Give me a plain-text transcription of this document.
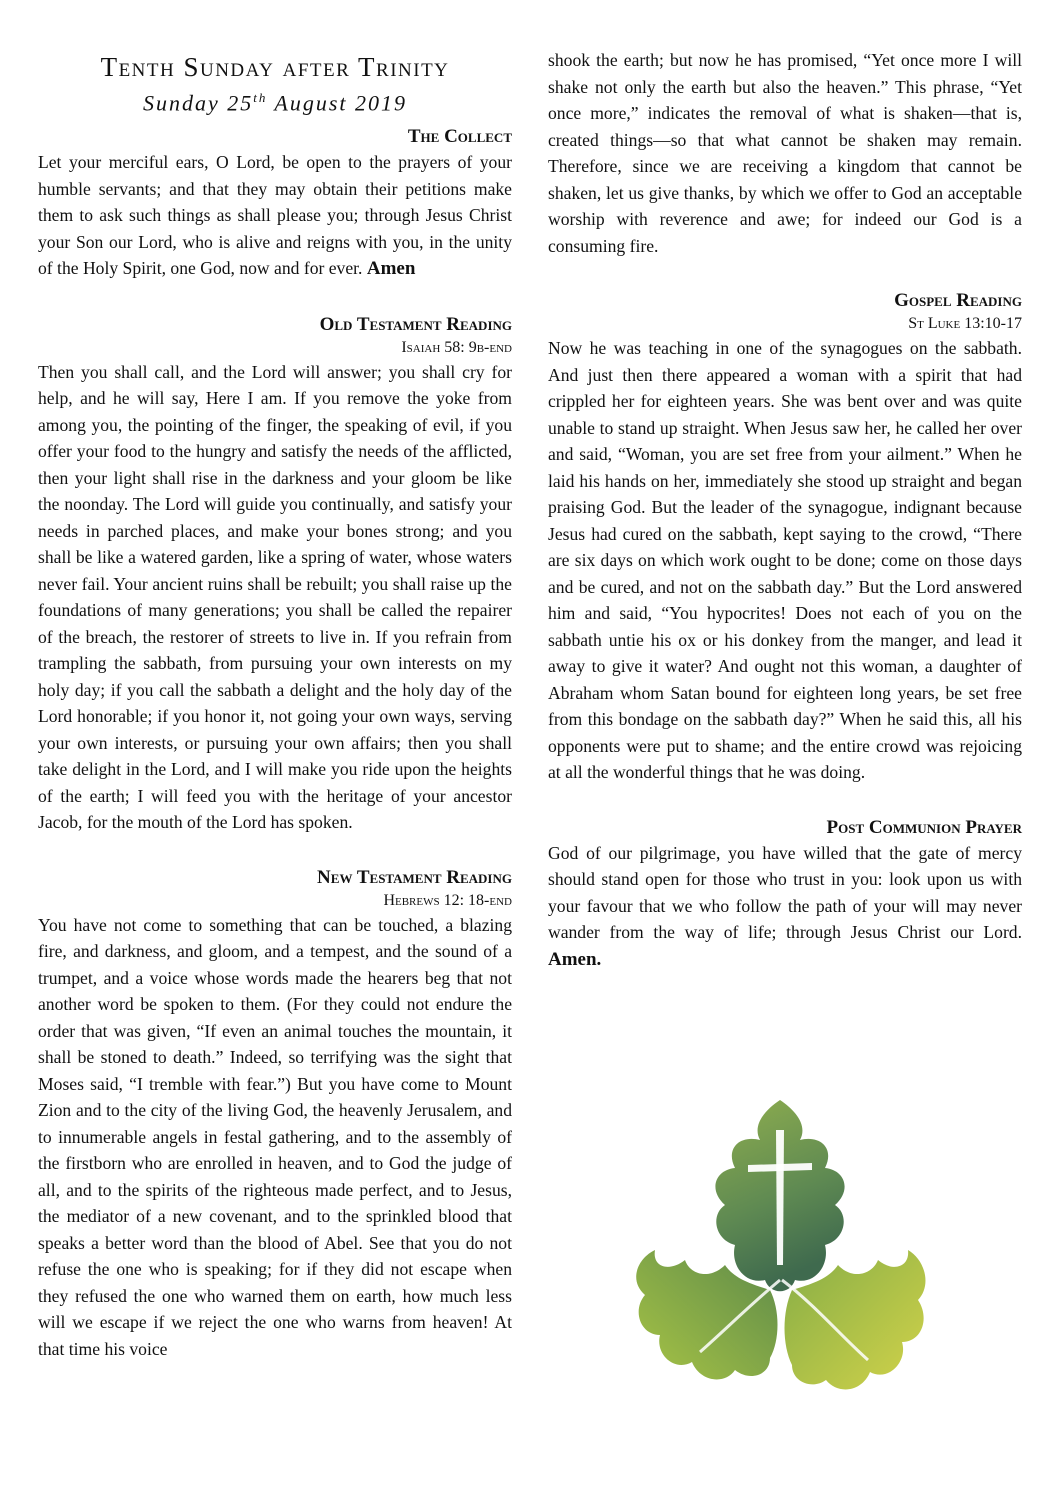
Tenth Sunday after Trinity

Sunday 25th August 2019

The Collect

Let your merciful ears, O Lord, be open to the prayers of your humble servants; and that they may obtain their petitions make them to ask such things as shall please you; through Jesus Christ your Son our Lord, who is alive and reigns with you, in the unity of the Holy Spirit, one God, now and for ever. Amen

Old Testament Reading

Isaiah 58: 9b-end

Then you shall call, and the Lord will answer; you shall cry for help, and he will say, Here I am. If you remove the yoke from among you, the pointing of the finger, the speaking of evil, if you offer your food to the hungry and satisfy the needs of the afflicted, then your light shall rise in the darkness and your gloom be like the noonday. The Lord will guide you continually, and satisfy your needs in parched places, and make your bones strong; and you shall be like a watered garden, like a spring of water, whose waters never fail. Your ancient ruins shall be rebuilt; you shall raise up the foundations of many generations; you shall be called the repairer of the breach, the restorer of streets to live in. If you refrain from trampling the sabbath, from pursuing your own interests on my holy day; if you call the sabbath a delight and the holy day of the Lord honorable; if you honor it, not going your own ways, serving your own interests, or pursuing your own affairs; then you shall take delight in the Lord, and I will make you ride upon the heights of the earth; I will feed you with the heritage of your ancestor Jacob, for the mouth of the Lord has spoken.

New Testament Reading

Hebrews 12: 18-end

You have not come to something that can be touched, a blazing fire, and darkness, and gloom, and a tempest, and the sound of a trumpet, and a voice whose words made the hearers beg that not another word be spoken to them. (For they could not endure the order that was given, “If even an animal touches the mountain, it shall be stoned to death.” Indeed, so terrifying was the sight that Moses said, “I tremble with fear.”) But you have come to Mount Zion and to the city of the living God, the heavenly Jerusalem, and to innumerable angels in festal gathering, and to the assembly of the firstborn who are enrolled in heaven, and to God the judge of all, and to the spirits of the righteous made perfect, and to Jesus, the mediator of a new covenant, and to the sprinkled blood that speaks a better word than the blood of Abel. See that you do not refuse the one who is speaking; for if they did not escape when they refused the one who warned them on earth, how much less will we escape if we reject the one who warns from heaven! At that time his voice

shook the earth; but now he has promised, “Yet once more I will shake not only the earth but also the heaven.” This phrase, “Yet once more,” indicates the removal of what is shaken—that is, created things—so that what cannot be shaken may remain. Therefore, since we are receiving a kingdom that cannot be shaken, let us give thanks, by which we offer to God an acceptable worship with reverence and awe; for indeed our God is a consuming fire.

Gospel Reading

St Luke 13:10-17

Now he was teaching in one of the synagogues on the sabbath. And just then there appeared a woman with a spirit that had crippled her for eighteen years. She was bent over and was quite unable to stand up straight. When Jesus saw her, he called her over and said, “Woman, you are set free from your ailment.” When he laid his hands on her, immediately she stood up straight and began praising God. But the leader of the synagogue, indignant because Jesus had cured on the sabbath, kept saying to the crowd, “There are six days on which work ought to be done; come on those days and be cured, and not on the sabbath day.” But the Lord answered him and said, “You hypocrites! Does not each of you on the sabbath untie his ox or his donkey from the manger, and lead it away to give it water? And ought not this woman, a daughter of Abraham whom Satan bound for eighteen long years, be set free from this bondage on the sabbath day?” When he said this, all his opponents were put to shame; and the entire crowd was rejoicing at all the wonderful things that he was doing.

Post Communion Prayer

God of our pilgrimage, you have willed that the gate of mercy should stand open for those who trust in you: look upon us with your favour that we who follow the path of your will may never wander from the way of life; through Jesus Christ our Lord. Amen.
